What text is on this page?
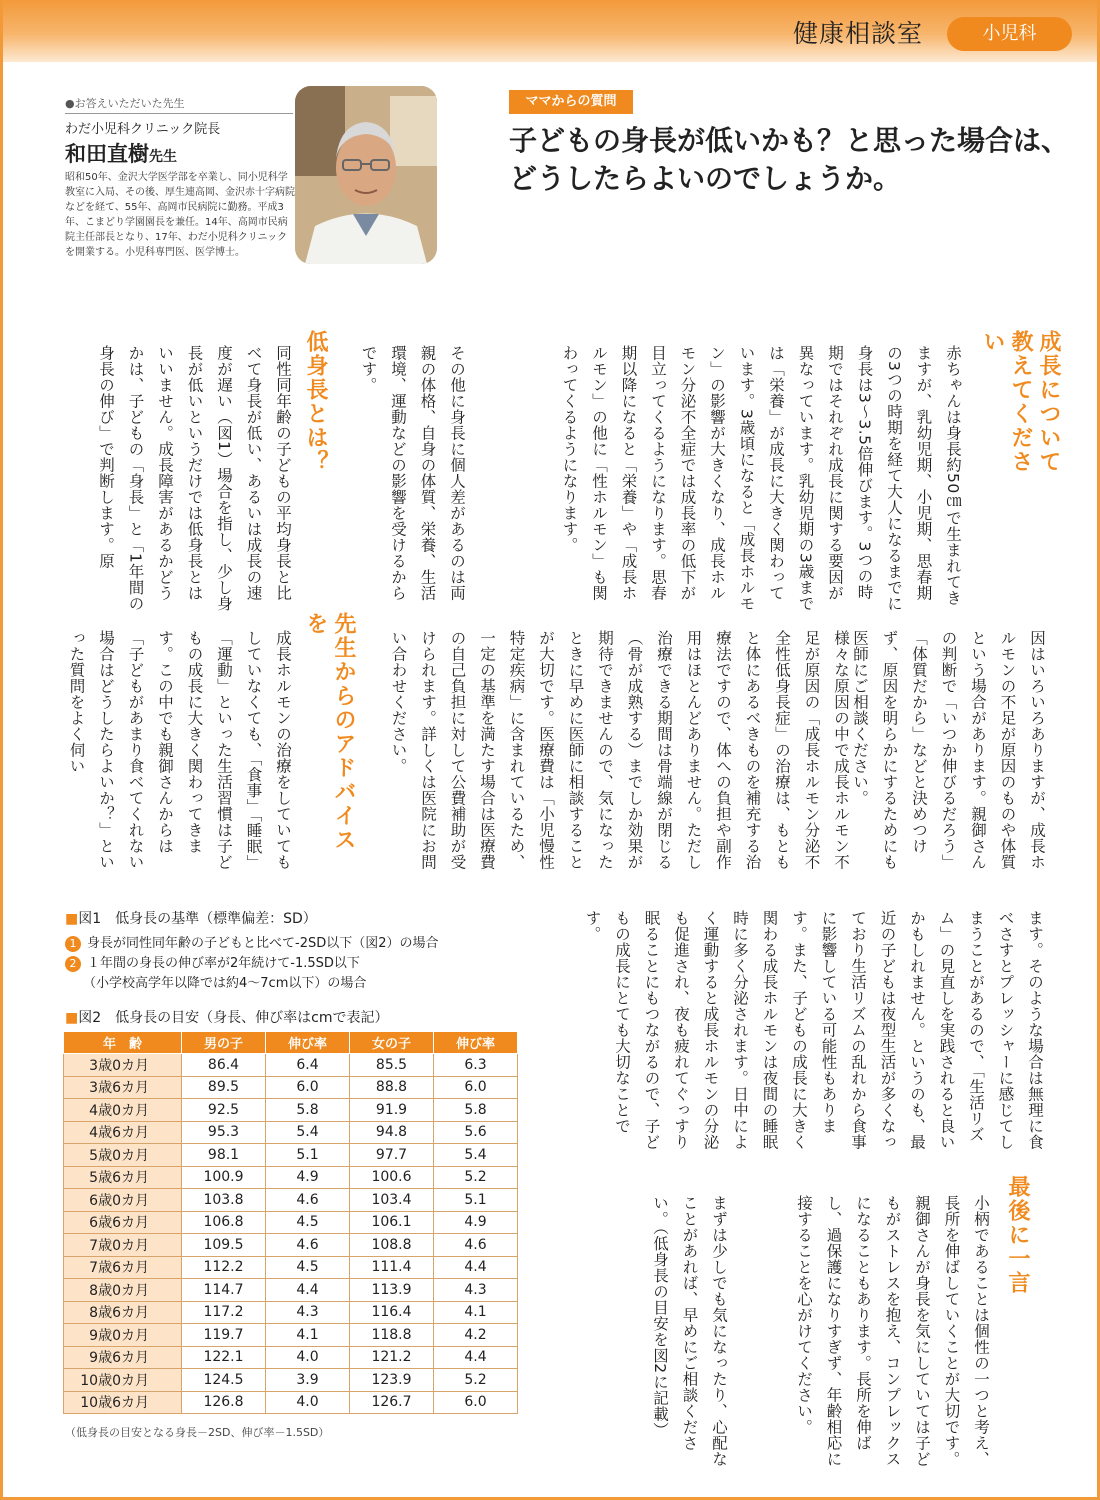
健康相談室	小児科
●お答えいただいた先生
わだ小児科クリニック院長
和田直樹先生
昭和50年、金沢大学医学部を卒業し、同小児科学教室に入局、その後、厚生連高岡、金沢赤十字病院などを経て、55年、高岡市民病院に勤務。平成3年、こまどり学園園長を兼任。14年、高岡市民病院主任部長となり、17年、わだ小児科クリニックを開業する。小児科専門医、医学博士。
ママからの質問
子どもの身長が低いかも？と思った場合は、どうしたらよいのでしょうか。
成長について教えてください
赤ちゃんは身長約50㎝で生まれてきますが、乳幼児期、小児期、思春期の3つの時期を経て大人になるまでに身長は3〜3.5倍伸びます。3つの時期ではそれぞれ成長に関する要因が異なっています。乳幼児期の3歳までは「栄養」が成長に大きく関わっています。3歳頃になると「成長ホルモン」の影響が大きくなり、成長ホルモン分泌不全症では成長率の低下が目立ってくるようになります。思春期以降になると「栄養」や「成長ホルモン」の他に「性ホルモン」も関わってくるようになります。
その他に身長に個人差があるのは両親の体格、自身の体質、栄養、生活環境、運動などの影響を受けるからです。
低身長とは？
同性同年齢の子どもの平均身長と比べて身長が低い、あるいは成長の速度が遅い（図1）場合を指し、少し身長が低いというだけでは低身長とはいいません。成長障害があるかどうかは、子どもの「身長」と「1年間の身長の伸び」で判断します。原
因はいろいろありますが、成長ホルモンの不足が原因のものや体質という場合があります。親御さんの判断で「いつか伸びるだろう」「体質だから」などと決めつけず、原因を明らかにするためにも医師にご相談ください。
様々な原因の中で成長ホルモン不足が原因の「成長ホルモン分泌不全性低身長症」の治療は、もともと体にあるべきものを補充する治療法ですので、体への負担や副作用はほとんどありません。ただし治療できる期間は骨端線が閉じる（骨が成熟する）までしか効果が期待できませんので、気になったときに早めに医師に相談することが大切です。医療費は「小児慢性特定疾病」に含まれているため、一定の基準を満たす場合は医療費の自己負担に対して公費補助が受けられます。詳しくは医院にお問い合わせください。
先生からのアドバイスを
成長ホルモンの治療をしていてもしていなくても、「食事」「睡眠」「運動」といった生活習慣は子どもの成長に大きく関わってきます。この中でも親御さんからは「子どもがあまり食べてくれない場合はどうしたらよいか？」といった質問をよく伺い
ます。そのような場合は無理に食べさすとプレッシャーに感じてしまうことがあるので、「生活リズム」の見直しを実践されると良いかもしれません。というのも、最近の子どもは夜型生活が多くなっており生活リズムの乱れから食事に影響している可能性もあります。また、子どもの成長に大きく関わる成長ホルモンは夜間の睡眠時に多く分泌されます。日中によく運動すると成長ホルモンの分泌も促進され、夜も疲れてぐっすり眠ることにもつながるので、子どもの成長にとても大切なことです。
最後に一言
小柄であることは個性の一つと考え、長所を伸ばしていくことが大切です。親御さんが身長を気にしていては子どもがストレスを抱え、コンプレックスになることもあります。長所を伸ばし、過保護になりすぎず、年齢相応に接することを心がけてください。
まずは少しでも気になったり、心配なことがあれば、早めにご相談ください。（低身長の目安を図2に記載）
■図1　低身長の基準（標準偏差：SD）
1 身長が同性同年齢の子どもと比べて-2SD以下（図2）の場合
2 １年間の身長の伸び率が2年続けて-1.5SD以下
（小学校高学年以降では約4〜7cm以下）の場合
■図2　低身長の目安（身長、伸び率はcmで表記）
年　齢	男の子	伸び率	女の子	伸び率
3歳0カ月	86.4	6.4	85.5	6.3
3歳6カ月	89.5	6.0	88.8	6.0
4歳0カ月	92.5	5.8	91.9	5.8
4歳6カ月	95.3	5.4	94.8	5.6
5歳0カ月	98.1	5.1	97.7	5.4
5歳6カ月	100.9	4.9	100.6	5.2
6歳0カ月	103.8	4.6	103.4	5.1
6歳6カ月	106.8	4.5	106.1	4.9
7歳0カ月	109.5	4.6	108.8	4.6
7歳6カ月	112.2	4.5	111.4	4.4
8歳0カ月	114.7	4.4	113.9	4.3
8歳6カ月	117.2	4.3	116.4	4.1
9歳0カ月	119.7	4.1	118.8	4.2
9歳6カ月	122.1	4.0	121.2	4.4
10歳0カ月	124.5	3.9	123.9	5.2
10歳6カ月	126.8	4.0	126.7	6.0
（低身長の目安となる身長－2SD、伸び率－1.5SD）
